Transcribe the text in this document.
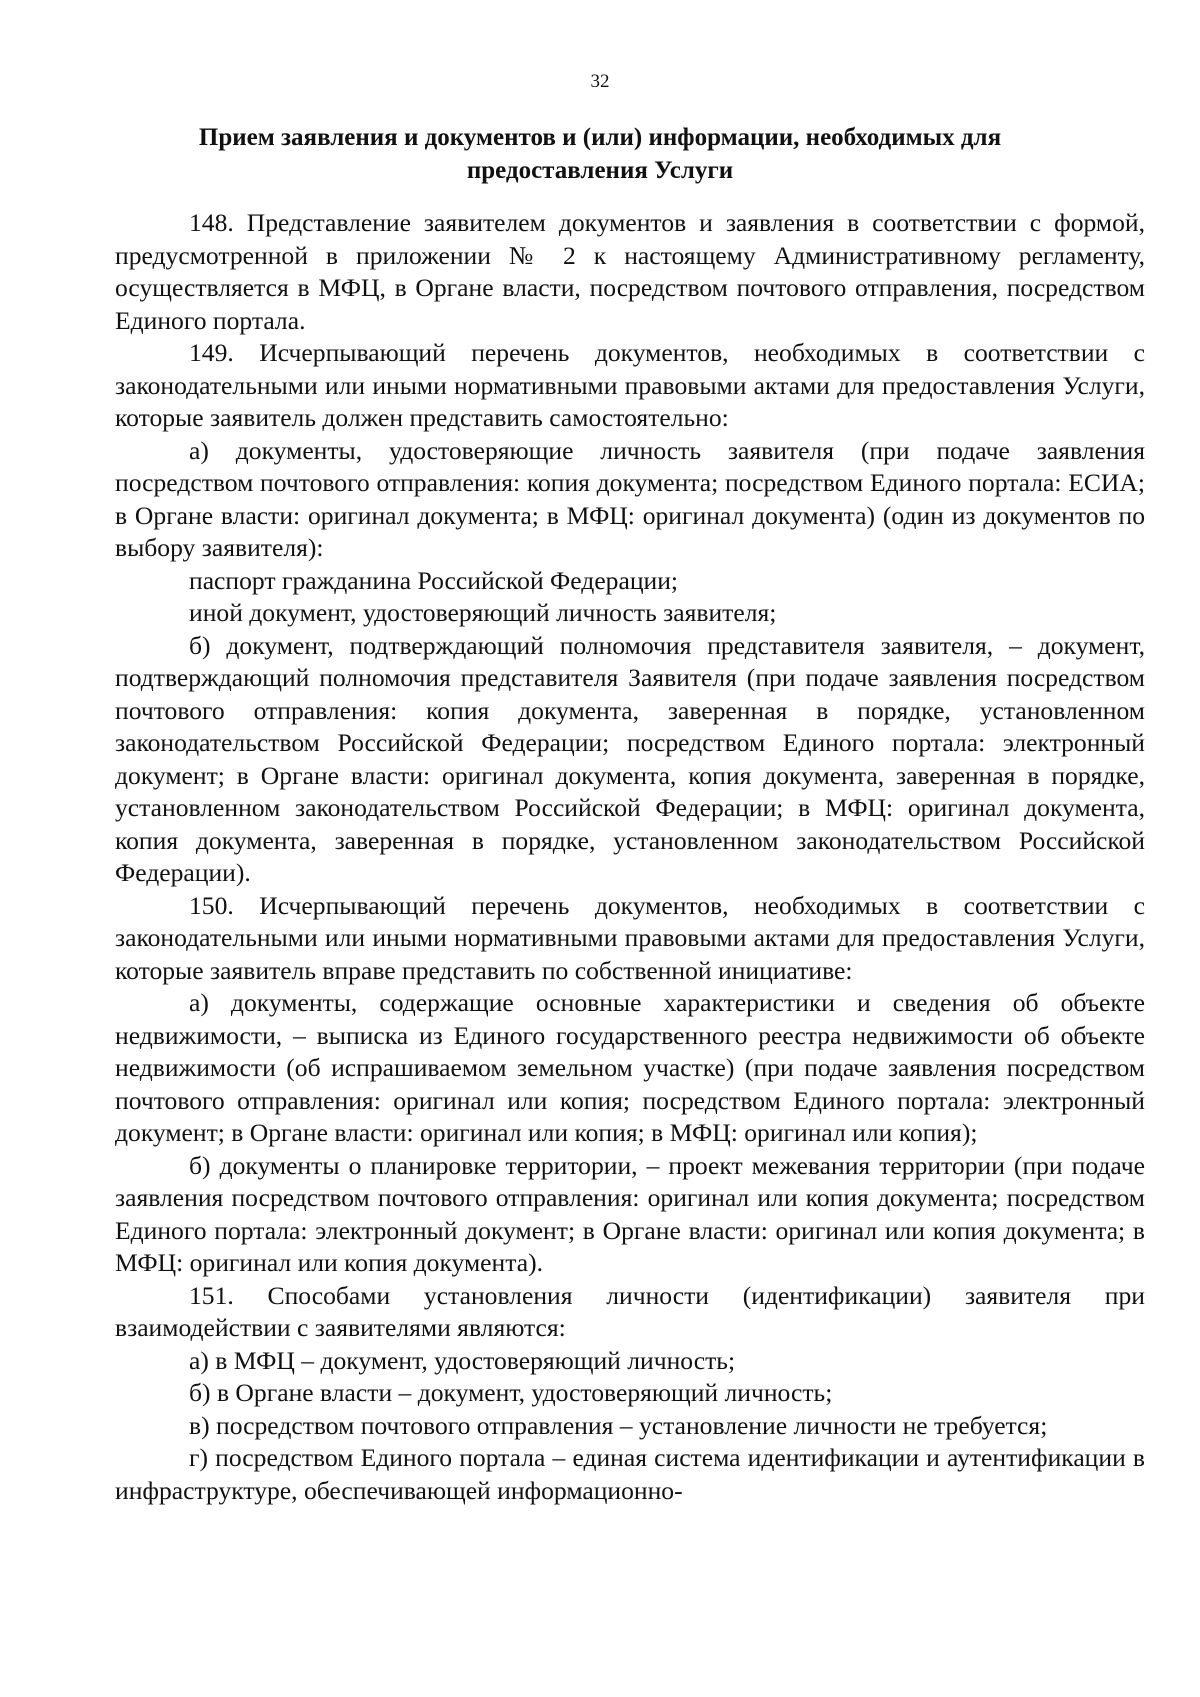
32
Прием заявления и документов и (или) информации, необходимых для предоставления Услуги

148. Представление заявителем документов и заявления в соответствии с формой, предусмотренной в приложении № 2 к настоящему Административному регламенту, осуществляется в МФЦ, в Органе власти, посредством почтового отправления, посредством Единого портала.

149. Исчерпывающий перечень документов, необходимых в соответствии с законодательными или иными нормативными правовыми актами для предоставления Услуги, которые заявитель должен представить самостоятельно:

а) документы, удостоверяющие личность заявителя (при подаче заявления посредством почтового отправления: копия документа; посредством Единого портала: ЕСИА; в Органе власти: оригинал документа; в МФЦ: оригинал документа) (один из документов по выбору заявителя):

паспорт гражданина Российской Федерации;

иной документ, удостоверяющий личность заявителя;

б) документ, подтверждающий полномочия представителя заявителя, – документ, подтверждающий полномочия представителя Заявителя (при подаче заявления посредством почтового отправления: копия документа, заверенная в порядке, установленном законодательством Российской Федерации; посредством Единого портала: электронный документ; в Органе власти: оригинал документа, копия документа, заверенная в порядке, установленном законодательством Российской Федерации; в МФЦ: оригинал документа, копия документа, заверенная в порядке, установленном законодательством Российской Федерации).

150. Исчерпывающий перечень документов, необходимых в соответствии с законодательными или иными нормативными правовыми актами для предоставления Услуги, которые заявитель вправе представить по собственной инициативе:

а) документы, содержащие основные характеристики и сведения об объекте недвижимости, – выписка из Единого государственного реестра недвижимости об объекте недвижимости (об испрашиваемом земельном участке) (при подаче заявления посредством почтового отправления: оригинал или копия; посредством Единого портала: электронный документ; в Органе власти: оригинал или копия; в МФЦ: оригинал или копия);

б) документы о планировке территории, – проект межевания территории (при подаче заявления посредством почтового отправления: оригинал или копия документа; посредством Единого портала: электронный документ; в Органе власти: оригинал или копия документа; в МФЦ: оригинал или копия документа).

151. Способами установления личности (идентификации) заявителя при взаимодействии с заявителями являются:

а) в МФЦ – документ, удостоверяющий личность;

б) в Органе власти – документ, удостоверяющий личность;

в) посредством почтового отправления – установление личности не требуется;

г) посредством Единого портала – единая система идентификации и аутентификации в инфраструктуре, обеспечивающей информационно-
